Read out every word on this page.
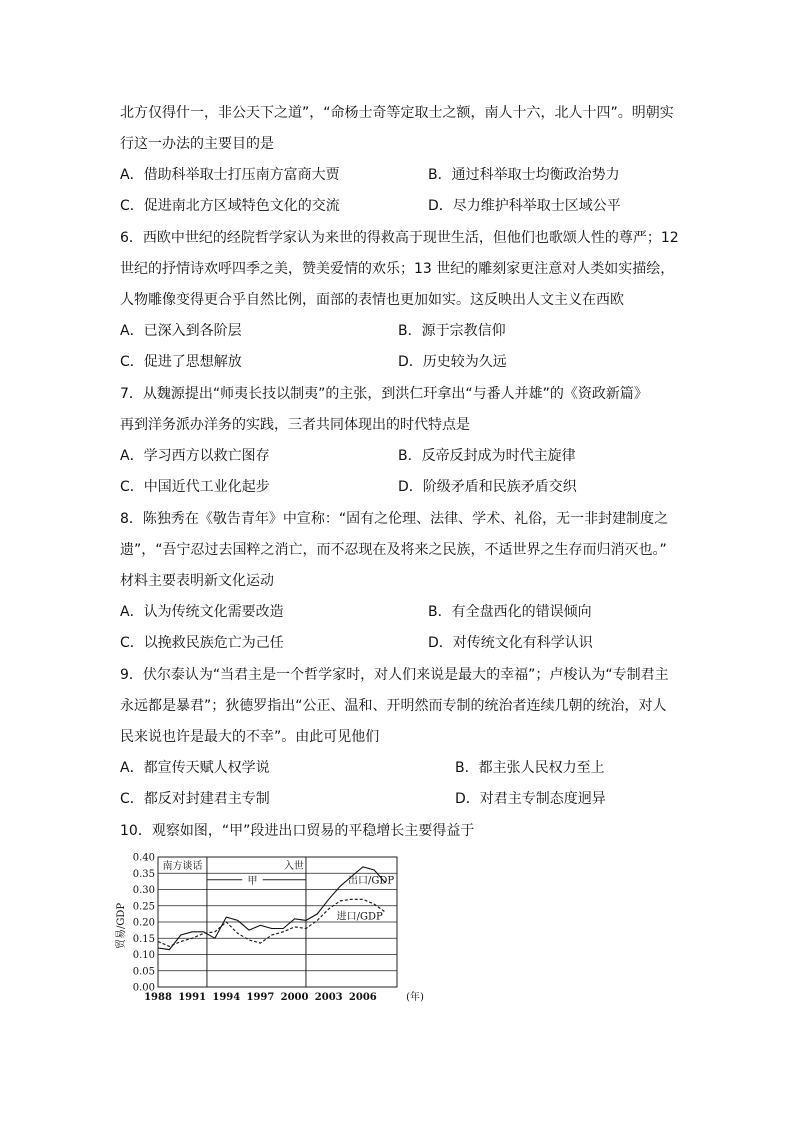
北方仅得什一，非公天下之道”，“命杨士奇等定取士之额，南人十六，北人十四”。明朝实
行这一办法的主要目的是
A．借助科举取士打压南方富商大贾	B．通过科举取士均衡政治势力
C．促进南北方区域特色文化的交流	D．尽力维护科举取士区域公平
6．西欧中世纪的经院哲学家认为来世的得救高于现世生活，但他们也歌颂人性的尊严；12
世纪的抒情诗欢呼四季之美，赞美爱情的欢乐；13 世纪的雕刻家更注意对人类如实描绘，
人物雕像变得更合乎自然比例，面部的表情也更加如实。这反映出人文主义在西欧
A．已深入到各阶层	B．源于宗教信仰
C．促进了思想解放	D．历史较为久远
7．从魏源提出“师夷长技以制夷”的主张，到洪仁玕拿出“与番人并雄”的《资政新篇》
再到洋务派办洋务的实践，三者共同体现出的时代特点是
A．学习西方以救亡图存	B．反帝反封成为时代主旋律
C．中国近代工业化起步	D．阶级矛盾和民族矛盾交织
8．陈独秀在《敬告青年》中宣称：“固有之伦理、法律、学术、礼俗，无一非封建制度之
遗”，“吾宁忍过去国粹之消亡，而不忍现在及将来之民族，不适世界之生存而归消灭也。”
材料主要表明新文化运动
A．认为传统文化需要改造	B．有全盘西化的错误倾向
C．以挽救民族危亡为己任	D．对传统文化有科学认识
9．伏尔泰认为“当君主是一个哲学家时，对人们来说是最大的幸福”；卢梭认为“专制君主
永远都是暴君”；狄德罗指出“公正、温和、开明然而专制的统治者连续几朝的统治，对人
民来说也许是最大的不幸”。由此可见他们
A．都宣传天赋人权学说	B．都主张人民权力至上
C．都反对封建君主专制	D．对君主专制态度迥异
10．观察如图，“甲”段进出口贸易的平稳增长主要得益于
0.00
0.05
0.10
0.15
0.20
0.25
0.30
0.35
0.40
1988 1991 1994 1997 2000 2003 2006	(年)
贸易/GDP
南方谈话	入世
甲	出口/GDP
进口/GDP
